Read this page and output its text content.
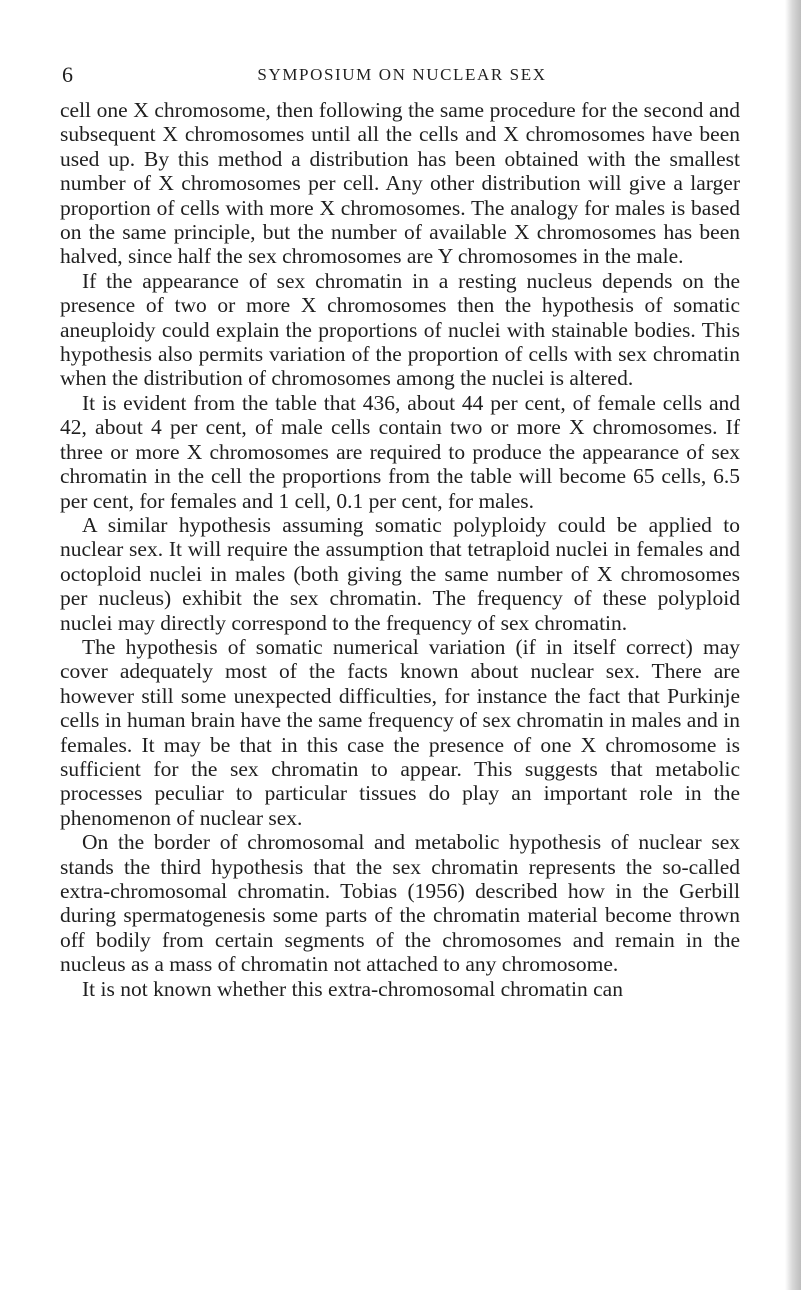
6	SYMPOSIUM ON NUCLEAR SEX

cell one X chromosome, then following the same procedure for the second and subsequent X chromosomes until all the cells and X chromosomes have been used up. By this method a distribution has been obtained with the smallest number of X chromosomes per cell. Any other distribution will give a larger proportion of cells with more X chromosomes. The analogy for males is based on the same principle, but the number of available X chromosomes has been halved, since half the sex chromosomes are Y chromosomes in the male.

If the appearance of sex chromatin in a resting nucleus depends on the presence of two or more X chromosomes then the hypothesis of somatic aneuploidy could explain the proportions of nuclei with stainable bodies. This hypothesis also permits variation of the proportion of cells with sex chromatin when the distribution of chromosomes among the nuclei is altered.

It is evident from the table that 436, about 44 per cent, of female cells and 42, about 4 per cent, of male cells contain two or more X chromosomes. If three or more X chromosomes are required to produce the appearance of sex chromatin in the cell the proportions from the table will become 65 cells, 6.5 per cent, for females and 1 cell, 0.1 per cent, for males.

A similar hypothesis assuming somatic polyploidy could be applied to nuclear sex. It will require the assumption that tetraploid nuclei in females and octoploid nuclei in males (both giving the same number of X chromosomes per nucleus) exhibit the sex chromatin. The frequency of these polyploid nuclei may directly correspond to the frequency of sex chromatin.

The hypothesis of somatic numerical variation (if in itself correct) may cover adequately most of the facts known about nuclear sex. There are however still some unexpected difficulties, for instance the fact that Purkinje cells in human brain have the same frequency of sex chromatin in males and in females. It may be that in this case the presence of one X chromosome is sufficient for the sex chromatin to appear. This suggests that metabolic processes peculiar to particular tissues do play an important role in the phenomenon of nuclear sex.

On the border of chromosomal and metabolic hypothesis of nuclear sex stands the third hypothesis that the sex chromatin represents the so-called extra-chromosomal chromatin. Tobias (1956) described how in the Gerbill during spermatogenesis some parts of the chromatin material become thrown off bodily from certain segments of the chromosomes and remain in the nucleus as a mass of chromatin not attached to any chromosome.

It is not known whether this extra-chromosomal chromatin can
